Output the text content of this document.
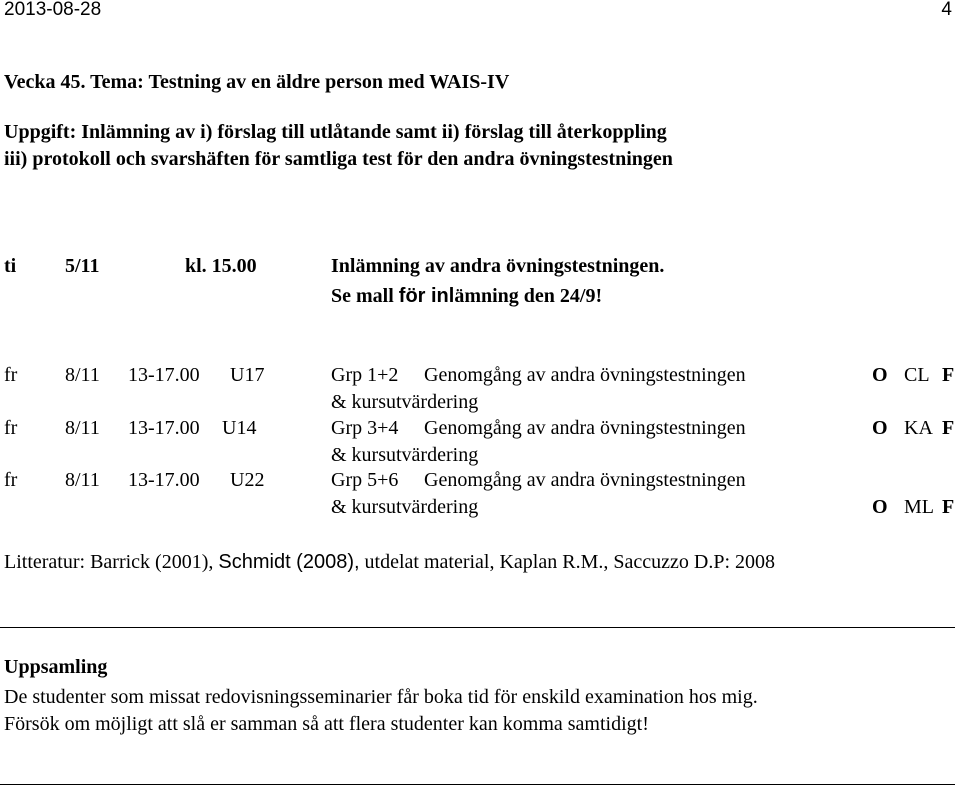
2013-08-28	4
Vecka 45. Tema: Testning av en äldre person med WAIS-IV
Uppgift: Inlämning av i) förslag till utlåtande samt ii) förslag till återkoppling
iii) protokoll och svarshäften för samtliga test för den andra övningstestningen
ti 5/11	kl. 15.00	Inlämning av andra övningstestningen.
Se mall för inlämning den 24/9!
fr 8/11 13-17.00 U17	Grp 1+2 Genomgång av andra övningstestningen
& kursutvärdering
O CL F
fr 8/11 13-17.00 U14	Grp 3+4 Genomgång av andra övningstestningen
& kursutvärdering
O KA F
fr 8/11 13-17.00 U22	Grp 5+6 Genomgång av andra övningstestningen
& kursutvärdering	O ML F
Litteratur: Barrick (2001), Schmidt (2008), utdelat material, Kaplan R.M., Saccuzzo D.P: 2008
Uppsamling
De studenter som missat redovisningsseminarier får boka tid för enskild examination hos mig.
Försök om möjligt att slå er samman så att flera studenter kan komma samtidigt!
